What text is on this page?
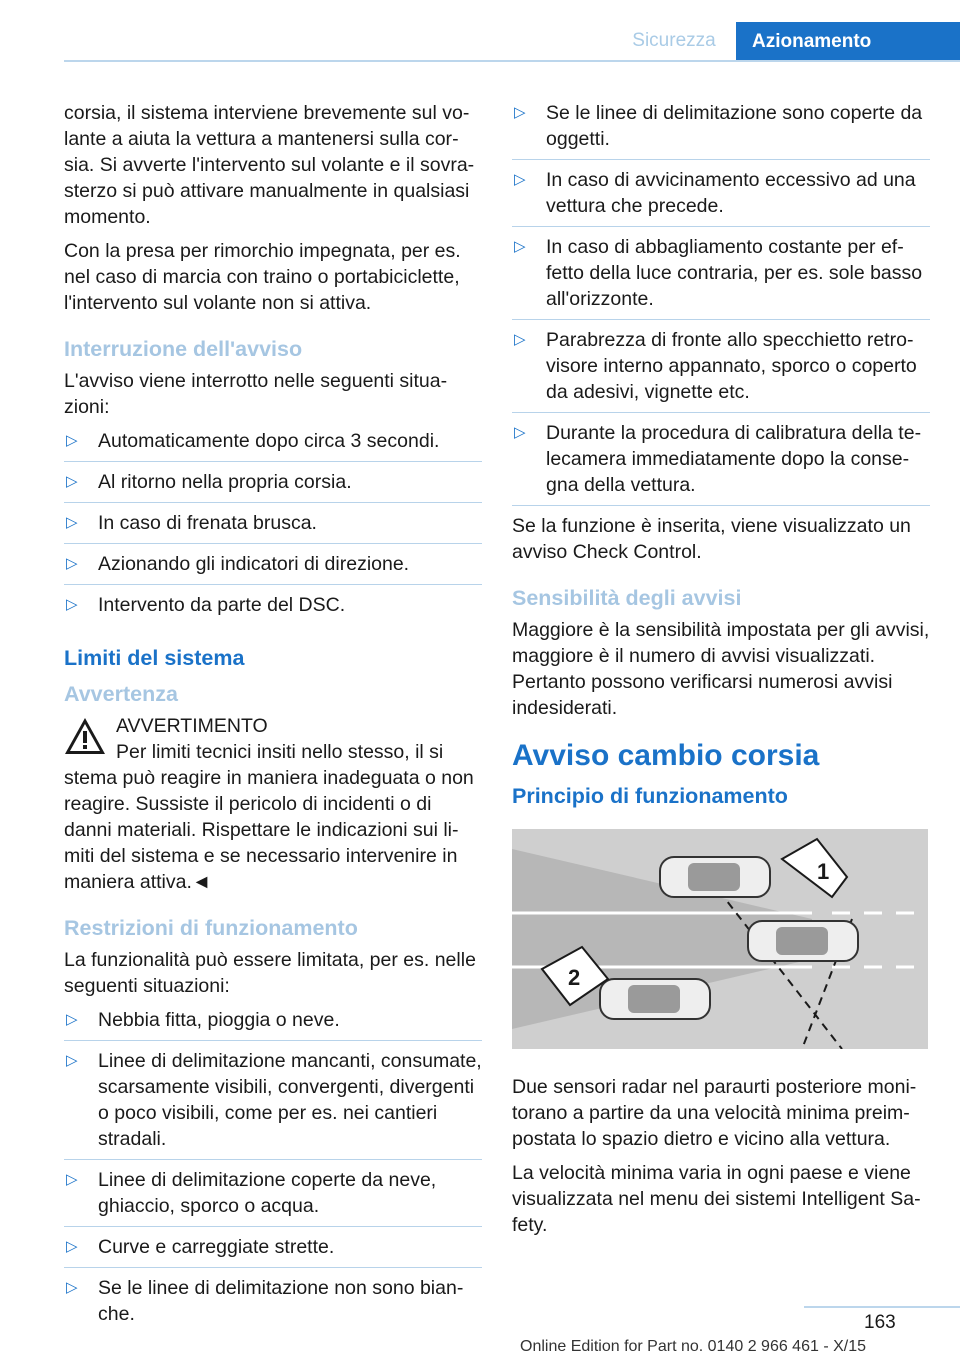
Sicurezza	Azionamento

corsia, il sistema interviene brevemente sul volante a aiuta la vettura a mantenersi sulla corsia. Si avverte l'intervento sul volante e il sovrasterzo si può attivare manualmente in qualsiasi momento.

Con la presa per rimorchio impegnata, per es. nel caso di marcia con traino o portabiciclette, l'intervento sul volante non si attiva.

Interruzione dell'avviso

L'avviso viene interrotto nelle seguenti situazioni:

▷ Automaticamente dopo circa 3 secondi.
▷ Al ritorno nella propria corsia.
▷ In caso di frenata brusca.
▷ Azionando gli indicatori di direzione.
▷ Intervento da parte del DSC.
Limiti del sistema
Avvertenza
AVVERTIMENTO
Per limiti tecnici insiti nello stesso, il si

stema può reagire in maniera inadeguata o non reagire. Sussiste il pericolo di incidenti o di danni materiali. Rispettare le indicazioni sui limiti del sistema e se necessario intervenire in maniera attiva.◄

Restrizioni di funzionamento

La funzionalità può essere limitata, per es. nelle seguenti situazioni:

▷ Nebbia fitta, pioggia o neve.
▷ Linee di delimitazione mancanti, consumate, scarsamente visibili, convergenti, divergenti o poco visibili, come per es. nei cantieri stradali.
▷ Linee di delimitazione coperte da neve, ghiaccio, sporco o acqua.
▷ Curve e carreggiate strette.
▷ Se le linee di delimitazione non sono bianche.
▷ Se le linee di delimitazione sono coperte da oggetti.
▷ In caso di avvicinamento eccessivo ad una vettura che precede.
▷ In caso di abbagliamento costante per effetto della luce contraria, per es. sole basso all'orizzonte.
▷ Parabrezza di fronte allo specchietto retrovisore interno appannato, sporco o coperto da adesivi, vignette etc.
▷ Durante la procedura di calibratura della telecamera immediatamente dopo la consegna della vettura.

Se la funzione è inserita, viene visualizzato un avviso Check Control.

Sensibilità degli avvisi

Maggiore è la sensibilità impostata per gli avvisi, maggiore è il numero di avvisi visualizzati. Pertanto possono verificarsi numerosi avvisi indesiderati.

Avviso cambio corsia
Principio di funzionamento
1
2

Due sensori radar nel paraurti posteriore monitorano a partire da una velocità minima preimpostata lo spazio dietro e vicino alla vettura.

La velocità minima varia in ogni paese e viene visualizzata nel menu dei sistemi Intelligent Safety.

163
Online Edition for Part no. 0140 2 966 461 - X/15
